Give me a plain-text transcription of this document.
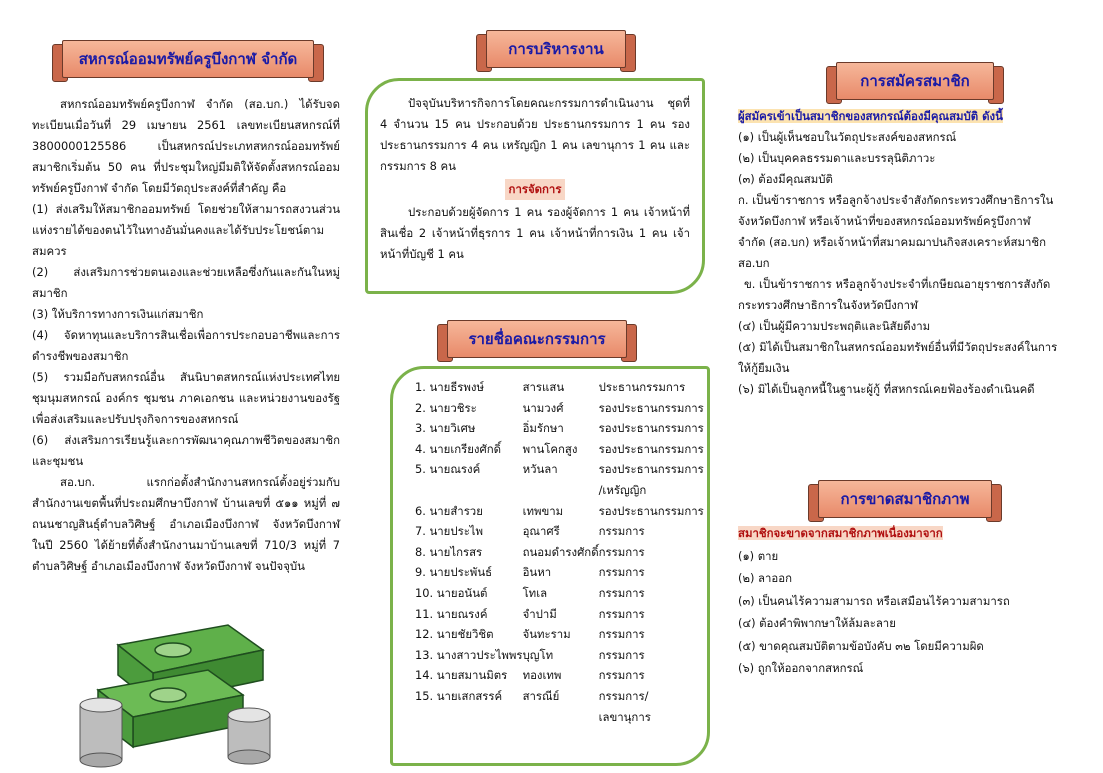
สหกรณ์ออมทรัพย์ครูบึงกาฬ จำกัด

สหกรณ์ออมทรัพย์ครูบึงกาฬ จำกัด (สอ.บก.) ได้รับจดทะเบียนเมื่อวันที่ 29 เมษายน 2561 เลขทะเบียนสหกรณ์ที่ 3800000125586 เป็นสหกรณ์ประเภทสหกรณ์ออมทรัพย์ สมาชิกเริ่มต้น 50 คน ที่ประชุมใหญ่มีมติให้จัดตั้งสหกรณ์ออมทรัพย์ครูบึงกาฬ จำกัด โดยมีวัตถุประสงค์ที่สำคัญ คือ

(1) ส่งเสริมให้สมาชิกออมทรัพย์ โดยช่วยให้สามารถสงวนส่วนแห่งรายได้ของตนไว้ในทางอันมั่นคงและได้รับประโยชน์ตามสมควร

(2) ส่งเสริมการช่วยตนเองและช่วยเหลือซึ่งกันและกันในหมู่สมาชิก

(3) ให้บริการทางการเงินแก่สมาชิก

(4) จัดหาทุนและบริการสินเชื่อเพื่อการประกอบอาชีพและการดำรงชีพของสมาชิก

(5) รวมมือกับสหกรณ์อื่น สันนิบาตสหกรณ์แห่งประเทศไทย ชุมนุมสหกรณ์ องค์กร ชุมชน ภาคเอกชน และหน่วยงานของรัฐเพื่อส่งเสริมและปรับปรุงกิจการของสหกรณ์

(6) ส่งเสริมการเรียนรู้และการพัฒนาคุณภาพชีวิตของสมาชิกและชุมชน

สอ.บก. แรกก่อตั้งสำนักงานสหกรณ์ตั้งอยู่ร่วมกับสำนักงานเขตพื้นที่ประถมศึกษาบึงกาฬ บ้านเลขที่ ๕๑๑ หมู่ที่ ๗ ถนนชาญสินธุ์ตำบลวิศิษฐ์ อำเภอเมืองบึงกาฬ จังหวัดบึงกาฬ ในปี 2560 ได้ย้ายที่ตั้งสำนักงานมาบ้านเลขที่ 710/3 หมู่ที่ 7 ตำบลวิศิษฐ์ อำเภอเมืองบึงกาฬ จังหวัดบึงกาฬ จนปัจจุบัน

การบริหารงาน

ปัจจุบันบริหารกิจการโดยคณะกรรมการดำเนินงาน ชุดที่ 4 จำนวน 15 คน ประกอบด้วย ประธานกรรมการ 1 คน รองประธานกรรมการ 4 คน เหรัญญิก 1 คน เลขานุการ 1 คน และกรรมการ 8 คน

การจัดการ

ประกอบด้วยผู้จัดการ 1 คน รองผู้จัดการ 1 คน เจ้าหน้าที่สินเชื่อ 2 เจ้าหน้าที่ธุรการ 1 คน เจ้าหน้าที่การเงิน 1 คน เจ้าหน้าที่บัญชี 1 คน

รายชื่อคณะกรรมการ
1. นายธีรพงษ์	สารแสน	ประธานกรรมการ
2. นายวชิระ	นามวงศ์	รองประธานกรรมการ
3. นายวิเศษ	อิ่มรักษา	รองประธานกรรมการ
4. นายเกรียงศักดิ์	พานโคกสูง	รองประธานกรรมการ
5. นายณรงค์	หวันลา	รองประธานกรรมการ
		/เหรัญญิก
6. นายสำรวย	เทพขาม	รองประธานกรรมการ
7. นายประไพ	อุณาศรี	กรรมการ
8. นายไกรสร	ถนอมดำรงศักดิ์	กรรมการ
9. นายประพันธ์	อินหา	กรรมการ
10. นายอนันต์	โทเล	กรรมการ
11. นายณรงค์	จำปามี	กรรมการ
12. นายชัยวิชิต	จันทะราม	กรรมการ
13. นางสาวประไพพร	บุญโท	กรรมการ
14. นายสมานมิตร	ทองเทพ	กรรมการ
15. นายเสกสรรค์	สารณีย์	กรรมการ/
		เลขานุการ
การสมัครสมาชิก

ผู้สมัครเข้าเป็นสมาชิกของสหกรณ์ต้องมีคุณสมบัติ ดังนี้

(๑) เป็นผู้เห็นชอบในวัตถุประสงค์ของสหกรณ์

(๒) เป็นบุคคลธรรมดาและบรรลุนิติภาวะ

(๓) ต้องมีคุณสมบัติ

ก. เป็นข้าราชการ หรือลูกจ้างประจำสังกัดกระทรวงศึกษาธิการในจังหวัดบึงกาฬ หรือเจ้าหน้าที่ของสหกรณ์ออมทรัพย์ครูบึงกาฬ จำกัด (สอ.บก) หรือเจ้าหน้าที่สมาคมฌาปนกิจสงเคราะห์สมาชิก สอ.บก

ข. เป็นข้าราชการ หรือลูกจ้างประจำที่เกษียณอายุราชการสังกัดกระทรวงศึกษาธิการในจังหวัดบึงกาฬ

(๔) เป็นผู้มีความประพฤติและนิสัยดีงาม

(๕) มิได้เป็นสมาชิกในสหกรณ์ออมทรัพย์อื่นที่มีวัตถุประสงค์ในการให้กู้ยืมเงิน

(๖) มิได้เป็นลูกหนี้ในฐานะผู้กู้ ที่สหกรณ์เคยฟ้องร้องดำเนินคดี

การขาดสมาชิกภาพ

สมาชิกจะขาดจากสมาชิกภาพเนื่องมาจาก

(๑) ตาย

(๒) ลาออก

(๓) เป็นคนไร้ความสามารถ หรือเสมือนไร้ความสามารถ

(๔) ต้องคำพิพากษาให้ล้มละลาย

(๕) ขาดคุณสมบัติตามข้อบังคับ ๓๒ โดยมีความผิด

(๖) ถูกให้ออกจากสหกรณ์
